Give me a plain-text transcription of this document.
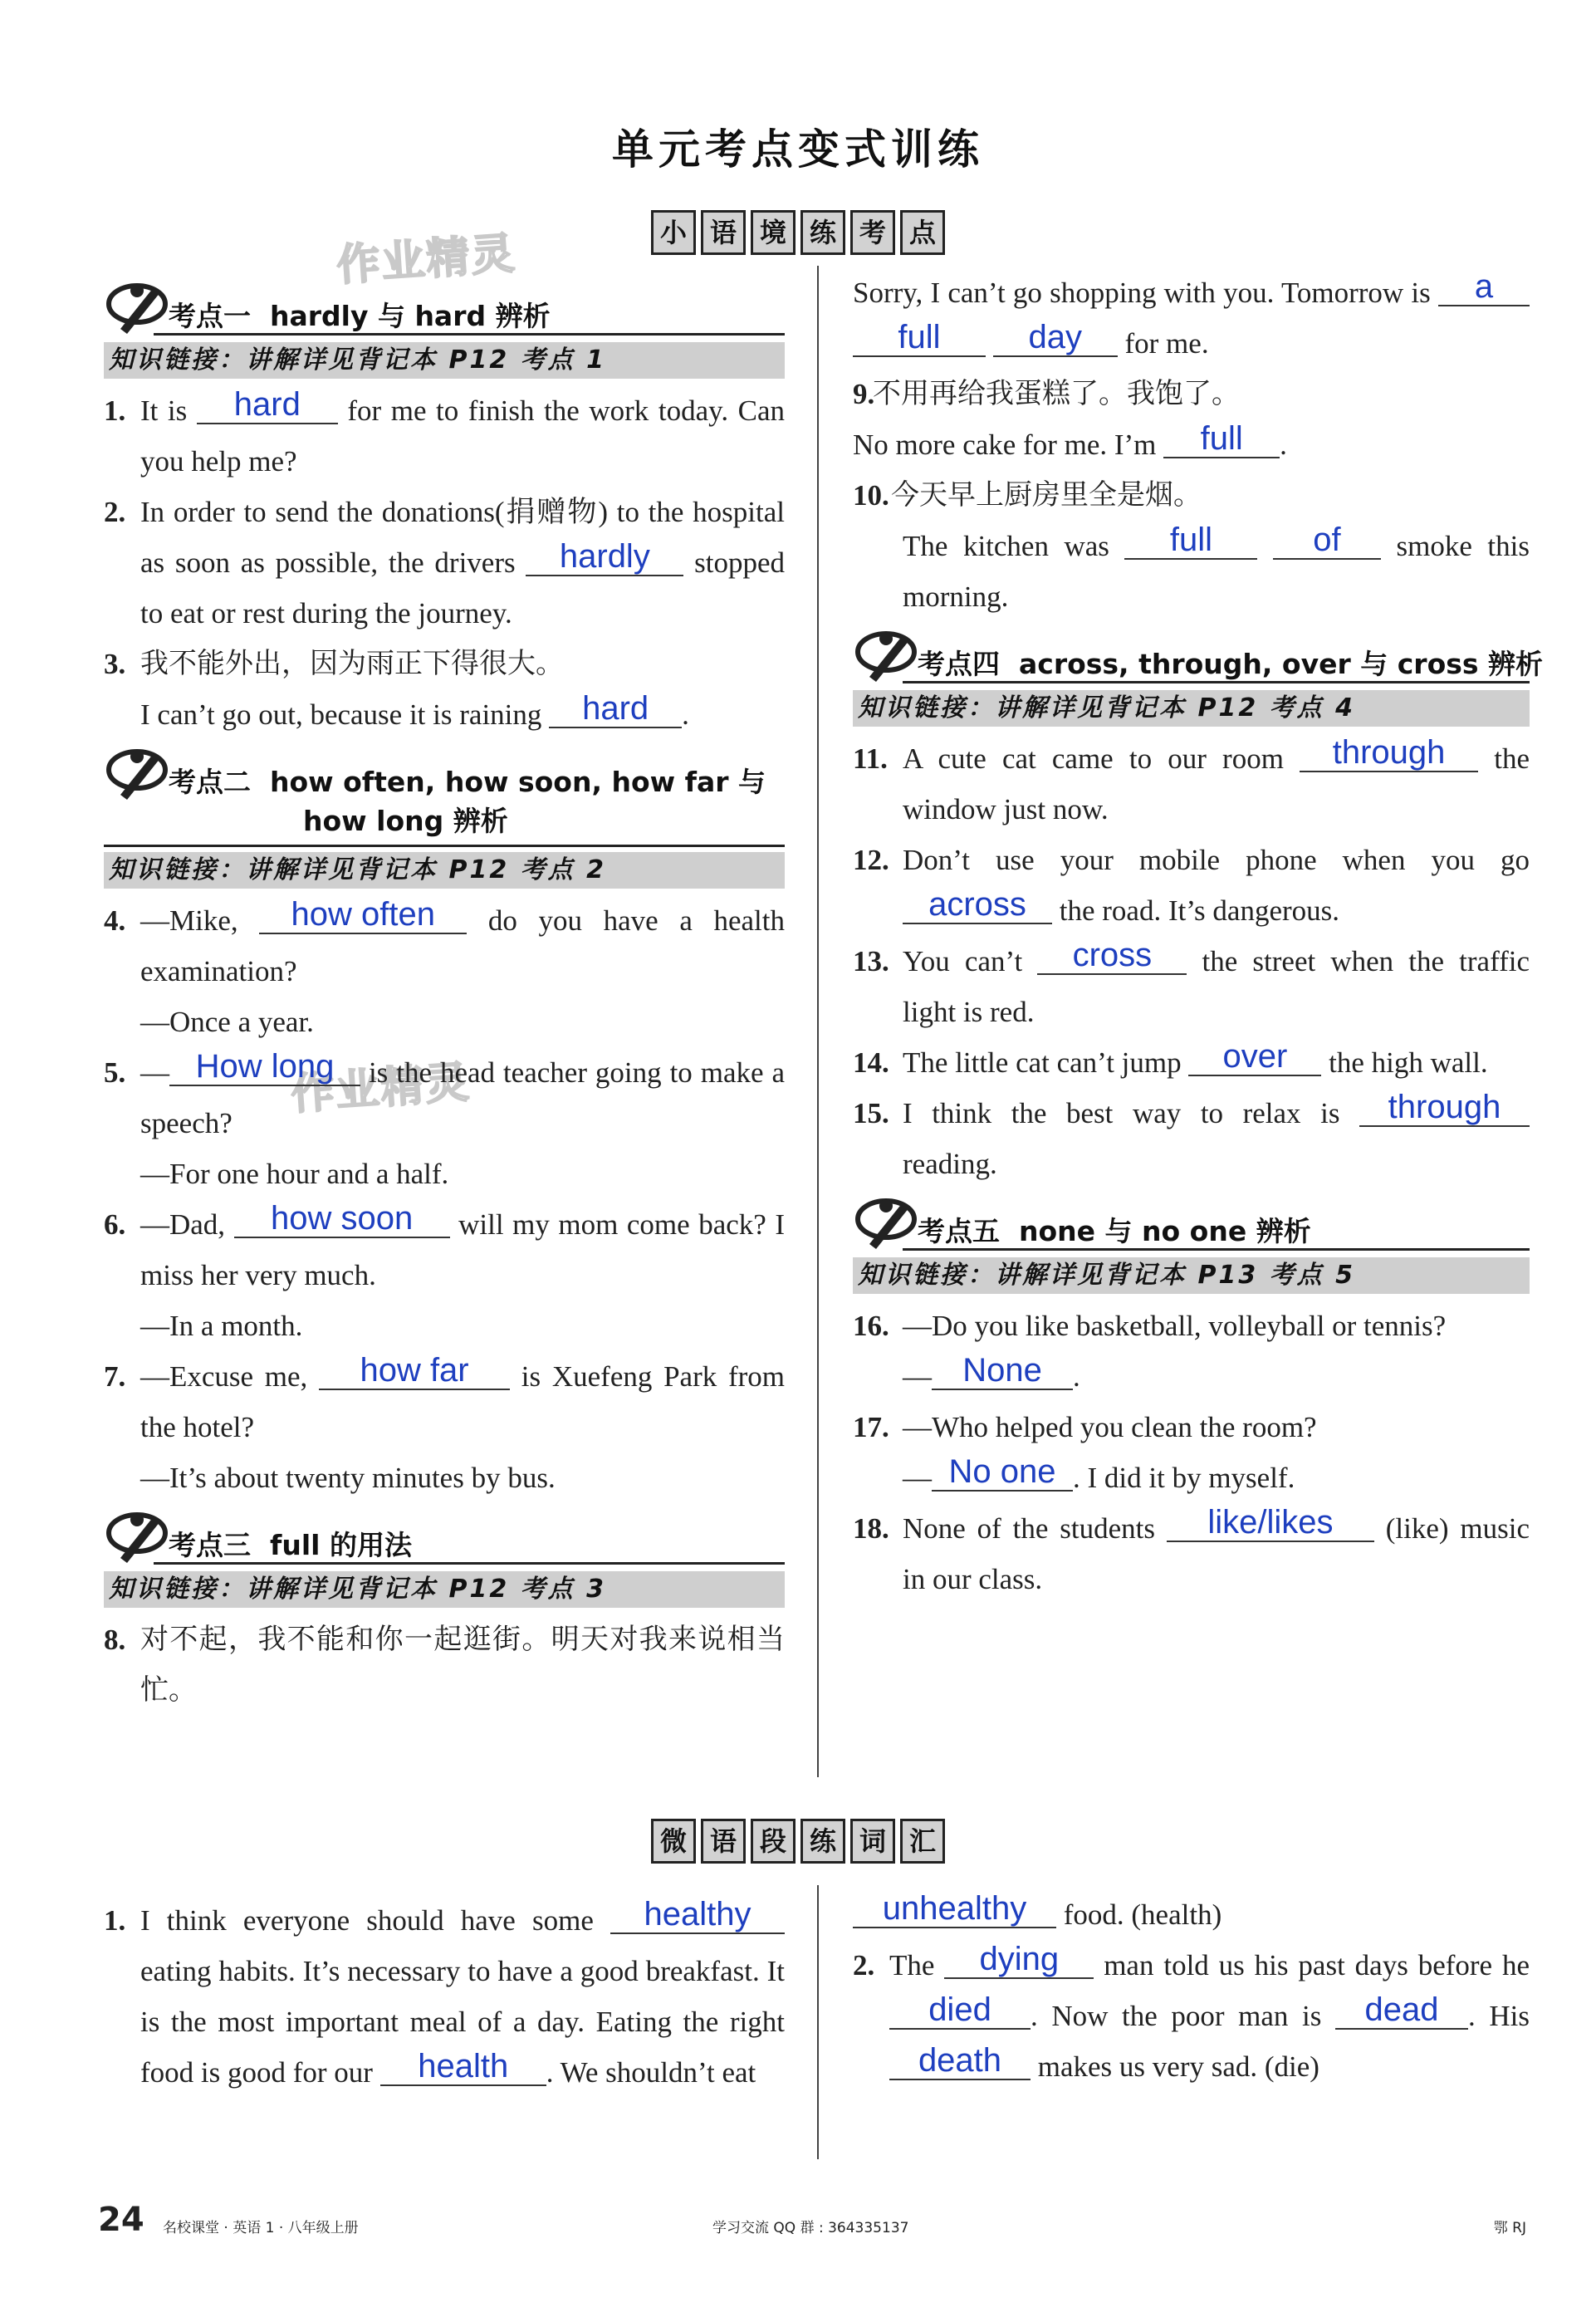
单元考点变式训练
小 语 境 练 考 点
作业精灵
作业精灵
考点一 hardly 与 hard 辨析
知识链接：讲解详见背记本 P12 考点 1
1. It is hard for me to finish the work today. Can you help me?
2. In order to send the donations(捐赠物) to the hospital as soon as possible, the drivers hardly stopped to eat or rest during the journey.
3. 我不能外出，因为雨正下得很大。
I can’t go out, because it is raining hard .
考点二 how often, how soon, how far 与
how long 辨析
知识链接：讲解详见背记本 P12 考点 2
4. —Mike, how often do you have a health examination?
—Once a year.
5. — How long is the head teacher going to make a speech?
—For one hour and a half.
6. —Dad, how soon will my mom come back? I miss her very much.
—In a month.
7. —Excuse me, how far is Xuefeng Park from the hotel?
—It’s about twenty minutes by bus.
考点三 full 的用法
知识链接：讲解详见背记本 P12 考点 3
8. 对不起，我不能和你一起逛街。明天对我来说相当忙。
Sorry, I can’t go shopping with you. Tomorrow is a full	day for me.
9.
不用再给我蛋糕了。我饱了。
No more cake for me. I’m full .
10. 今天早上厨房里全是烟。
The kitchen was full	of smoke this morning.
考点四 across, through, over 与 cross 辨析
知识链接：讲解详见背记本 P12 考点 4
11. A cute cat came to our room through the window just now.
12. Don’t use your mobile phone when you go across the road. It’s dangerous.
13. You can’t cross the street when the traffic light is red.
14. The little cat can’t jump over the high wall.
15. I think the best way to relax is through reading.
考点五 none 与 no one 辨析
知识链接：讲解详见背记本 P13 考点 5
16. —Do you like basketball, volleyball or tennis?
— None .
17. —Who helped you clean the room?
— No one . I did it by myself.
18. None of the students like/likes (like) music in our class.
微 语 段 练 词 汇
1. I think everyone should have some healthy eating habits. It’s necessary to have a good breakfast. It is the most important meal of a day. Eating the right food is good for our health . We shouldn’t eat
unhealthy food. (health)
2. The dying man told us his past days before he died . Now the poor man is dead . His death makes us very sad. (die)
24 名校课堂 · 英语 1 · 八年级上册	学习交流 QQ 群 : 364335137	鄂 RJ
